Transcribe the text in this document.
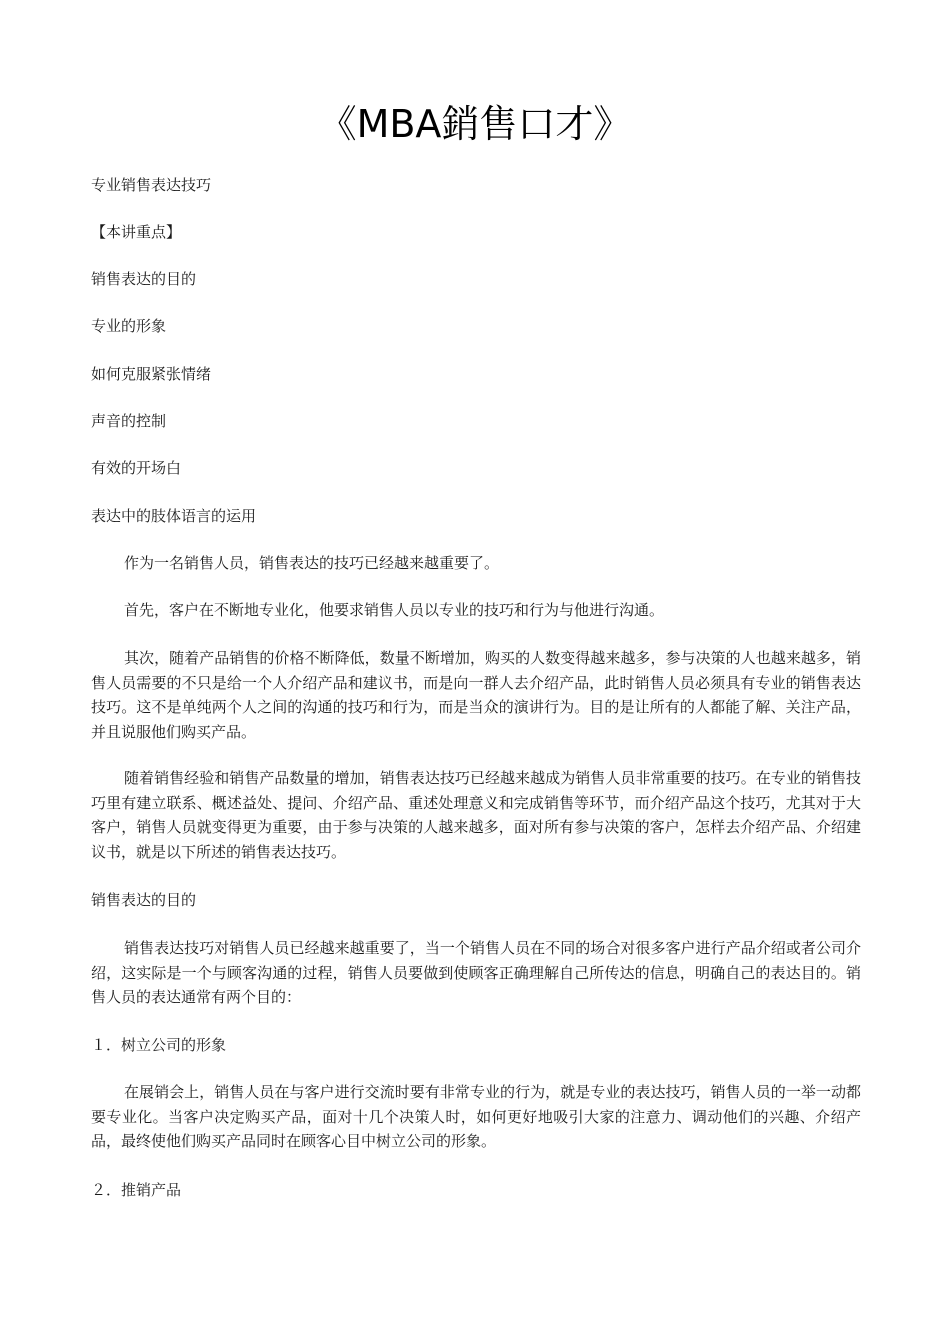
《MBA銷售口才》

专业销售表达技巧

【本讲重点】

销售表达的目的

专业的形象

如何克服紧张情绪

声音的控制

有效的开场白

表达中的肢体语言的运用

作为一名销售人员，销售表达的技巧已经越来越重要了。

首先，客户在不断地专业化，他要求销售人员以专业的技巧和行为与他进行沟通。

其次，随着产品销售的价格不断降低，数量不断增加，购买的人数变得越来越多，参与决策的人也越来越多，销售人员需要的不只是给一个人介绍产品和建议书，而是向一群人去介绍产品，此时销售人员必须具有专业的销售表达技巧。这不是单纯两个人之间的沟通的技巧和行为，而是当众的演讲行为。目的是让所有的人都能了解、关注产品，并且说服他们购买产品。

随着销售经验和销售产品数量的增加，销售表达技巧已经越来越成为销售人员非常重要的技巧。在专业的销售技巧里有建立联系、概述益处、提问、介绍产品、重述处理意义和完成销售等环节，而介绍产品这个技巧，尤其对于大客户，销售人员就变得更为重要，由于参与决策的人越来越多，面对所有参与决策的客户，怎样去介绍产品、介绍建议书，就是以下所述的销售表达技巧。

销售表达的目的

销售表达技巧对销售人员已经越来越重要了，当一个销售人员在不同的场合对很多客户进行产品介绍或者公司介绍，这实际是一个与顾客沟通的过程，销售人员要做到使顾客正确理解自己所传达的信息，明确自己的表达目的。销售人员的表达通常有两个目的：

１．树立公司的形象

在展销会上，销售人员在与客户进行交流时要有非常专业的行为，就是专业的表达技巧，销售人员的一举一动都要专业化。当客户决定购买产品，面对十几个决策人时，如何更好地吸引大家的注意力、调动他们的兴趣、介绍产品，最终使他们购买产品同时在顾客心目中树立公司的形象。

２．推销产品
